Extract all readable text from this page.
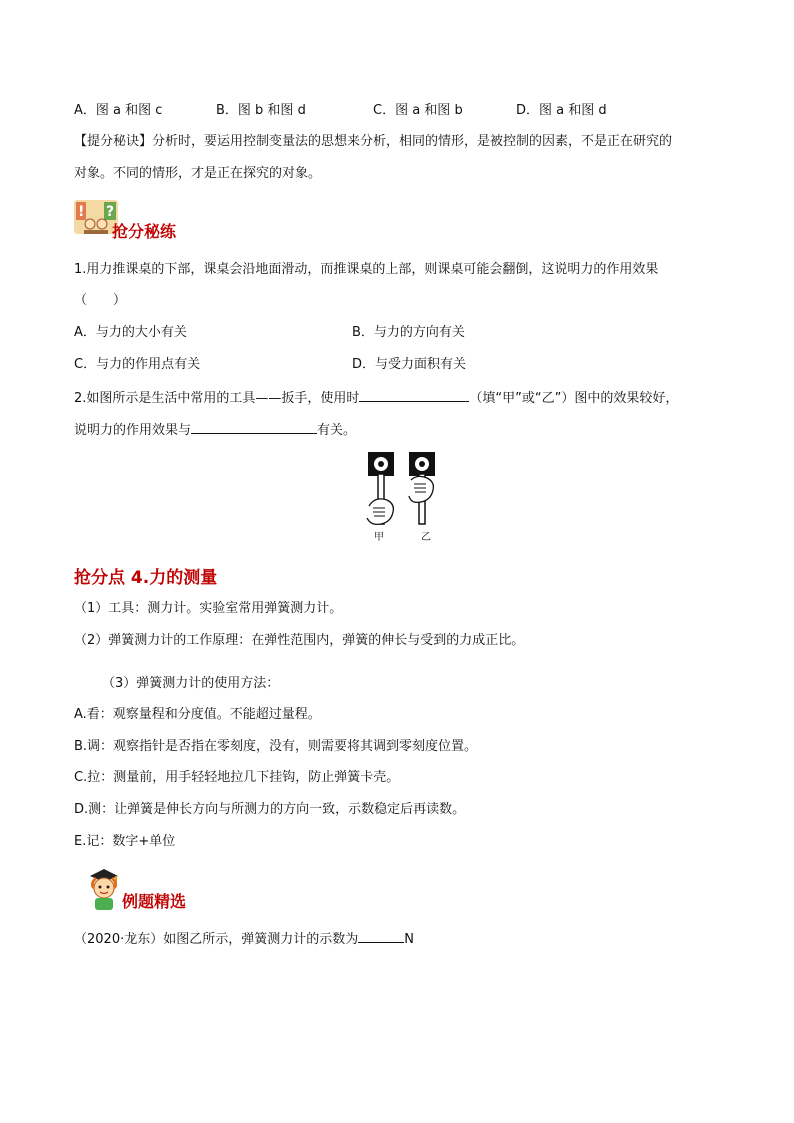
A．图 a 和图 c	B．图 b 和图 d	C．图 a 和图 b	D．图 a 和图 d
【提分秘诀】分析时，要运用控制变量法的思想来分析，相同的情形，是被控制的因素，不是正在研究的
对象。不同的情形，才是正在探究的对象。
! ?
抢分秘练
1.用力推课桌的下部，课桌会沿地面滑动，而推课桌的上部，则课桌可能会翻倒，这说明力的作用效果
（　　）
A．与力的大小有关	B．与力的方向有关
C．与力的作用点有关	D．与受力面积有关
2.如图所示是生活中常用的工具——扳手，使用时	（填“甲”或“乙”）图中的效果较好，
说明力的作用效果与	有关。
甲	乙
抢分点 4.力的测量
（1）工具：测力计。实验室常用弹簧测力计。
（2）弹簧测力计的工作原理：在弹性范围内，弹簧的伸长与受到的力成正比。
（3）弹簧测力计的使用方法：
A.看：观察量程和分度值。不能超过量程。
B.调：观察指针是否指在零刻度，没有，则需要将其调到零刻度位置。
C.拉：测量前，用手轻轻地拉几下挂钩，防止弹簧卡壳。
D.测：让弹簧是伸长方向与所测力的方向一致，示数稳定后再读数。
E.记：数字+单位
例题精选
（2020·龙东）如图乙所示，弹簧测力计的示数为	N
